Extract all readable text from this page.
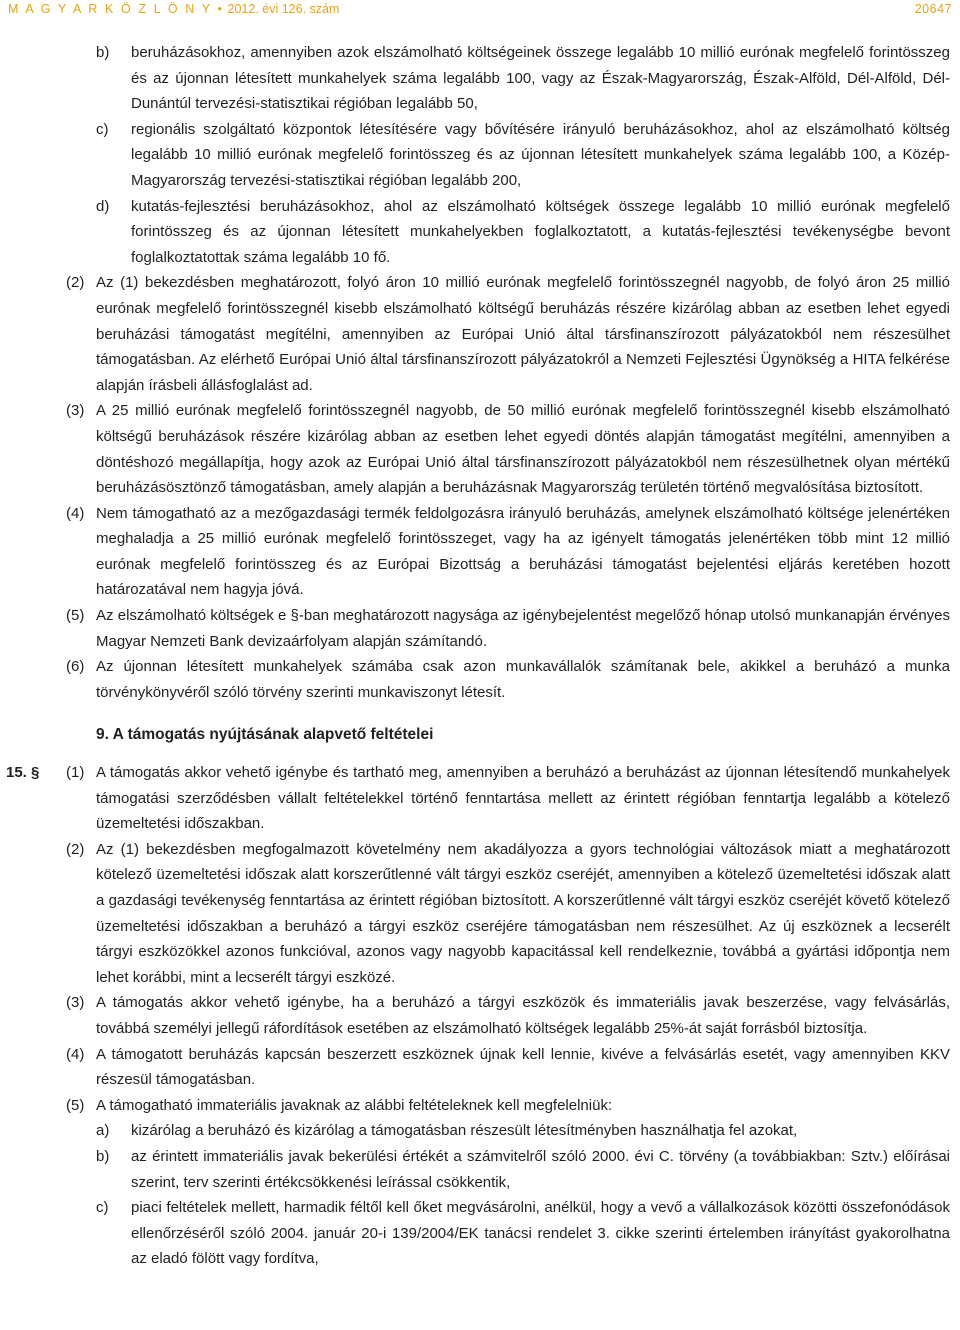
M A G Y A R K Ö Z L Ö N Y • 2012. évi 126. szám	20647
b) beruházásokhoz, amennyiben azok elszámolható költségeinek összege legalább 10 millió eurónak megfelelő forintösszeg és az újonnan létesített munkahelyek száma legalább 100, vagy az Észak-Magyarország, Észak-Alföld, Dél-Alföld, Dél-Dunántúl tervezési-statisztikai régióban legalább 50,
c) regionális szolgáltató központok létesítésére vagy bővítésére irányuló beruházásokhoz, ahol az elszámolható költség legalább 10 millió eurónak megfelelő forintösszeg és az újonnan létesített munkahelyek száma legalább 100, a Közép-Magyarország tervezési-statisztikai régióban legalább 200,
d) kutatás-fejlesztési beruházásokhoz, ahol az elszámolható költségek összege legalább 10 millió eurónak megfelelő forintösszeg és az újonnan létesített munkahelyekben foglalkoztatott, a kutatás-fejlesztési tevékenységbe bevont foglalkoztatottak száma legalább 10 fő.
(2) Az (1) bekezdésben meghatározott, folyó áron 10 millió eurónak megfelelő forintösszegnél nagyobb, de folyó áron 25 millió eurónak megfelelő forintösszegnél kisebb elszámolható költségű beruházás részére kizárólag abban az esetben lehet egyedi beruházási támogatást megítélni, amennyiben az Európai Unió által társfinanszírozott pályázatokból nem részesülhet támogatásban. Az elérhető Európai Unió által társfinanszírozott pályázatokról a Nemzeti Fejlesztési Ügynökség a HITA felkérése alapján írásbeli állásfoglalást ad.
(3) A 25 millió eurónak megfelelő forintösszegnél nagyobb, de 50 millió eurónak megfelelő forintösszegnél kisebb elszámolható költségű beruházások részére kizárólag abban az esetben lehet egyedi döntés alapján támogatást megítélni, amennyiben a döntéshozó megállapítja, hogy azok az Európai Unió által társfinanszírozott pályázatokból nem részesülhetnek olyan mértékű beruházásösztönző támogatásban, amely alapján a beruházásnak Magyarország területén történő megvalósítása biztosított.
(4) Nem támogatható az a mezőgazdasági termék feldolgozásra irányuló beruházás, amelynek elszámolható költsége jelenértéken meghaladja a 25 millió eurónak megfelelő forintösszeget, vagy ha az igényelt támogatás jelenértéken több mint 12 millió eurónak megfelelő forintösszeg és az Európai Bizottság a beruházási támogatást bejelentési eljárás keretében hozott határozatával nem hagyja jóvá.
(5) Az elszámolható költségek e §-ban meghatározott nagysága az igénybejelentést megelőző hónap utolsó munkanapján érvényes Magyar Nemzeti Bank devizaárfolyam alapján számítandó.
(6) Az újonnan létesített munkahelyek számába csak azon munkavállalók számítanak bele, akikkel a beruházó a munka törvénykönyvéről szóló törvény szerinti munkaviszonyt létesít.
9. A támogatás nyújtásának alapvető feltételei
15. § (1) A támogatás akkor vehető igénybe és tartható meg, amennyiben a beruházó a beruházást az újonnan létesítendő munkahelyek támogatási szerződésben vállalt feltételekkel történő fenntartása mellett az érintett régióban fenntartja legalább a kötelező üzemeltetési időszakban.
(2) Az (1) bekezdésben megfogalmazott követelmény nem akadályozza a gyors technológiai változások miatt a meghatározott kötelező üzemeltetési időszak alatt korszerűtlenné vált tárgyi eszköz cseréjét, amennyiben a kötelező üzemeltetési időszak alatt a gazdasági tevékenység fenntartása az érintett régióban biztosított. A korszerűtlenné vált tárgyi eszköz cseréjét követő kötelező üzemeltetési időszakban a beruházó a tárgyi eszköz cseréjére támogatásban nem részesülhet. Az új eszköznek a lecserélt tárgyi eszközökkel azonos funkcióval, azonos vagy nagyobb kapacitással kell rendelkeznie, továbbá a gyártási időpontja nem lehet korábbi, mint a lecserélt tárgyi eszközé.
(3) A támogatás akkor vehető igénybe, ha a beruházó a tárgyi eszközök és immateriális javak beszerzése, vagy felvásárlás, továbbá személyi jellegű ráfordítások esetében az elszámolható költségek legalább 25%-át saját forrásból biztosítja.
(4) A támogatott beruházás kapcsán beszerzett eszköznek újnak kell lennie, kivéve a felvásárlás esetét, vagy amennyiben KKV részesül támogatásban.
(5) A támogatható immateriális javaknak az alábbi feltételeknek kell megfelelniük:
a) kizárólag a beruházó és kizárólag a támogatásban részesült létesítményben használhatja fel azokat,
b) az érintett immateriális javak bekerülési értékét a számvitelről szóló 2000. évi C. törvény (a továbbiakban: Sztv.) előírásai szerint, terv szerinti értékcsökkenési leírással csökkentik,
c) piaci feltételek mellett, harmadik féltől kell őket megvásárolni, anélkül, hogy a vevő a vállalkozások közötti összefonódások ellenőrzéséről szóló 2004. január 20-i 139/2004/EK tanácsi rendelet 3. cikke szerinti értelemben irányítást gyakorolhatna az eladó fölött vagy fordítva,
